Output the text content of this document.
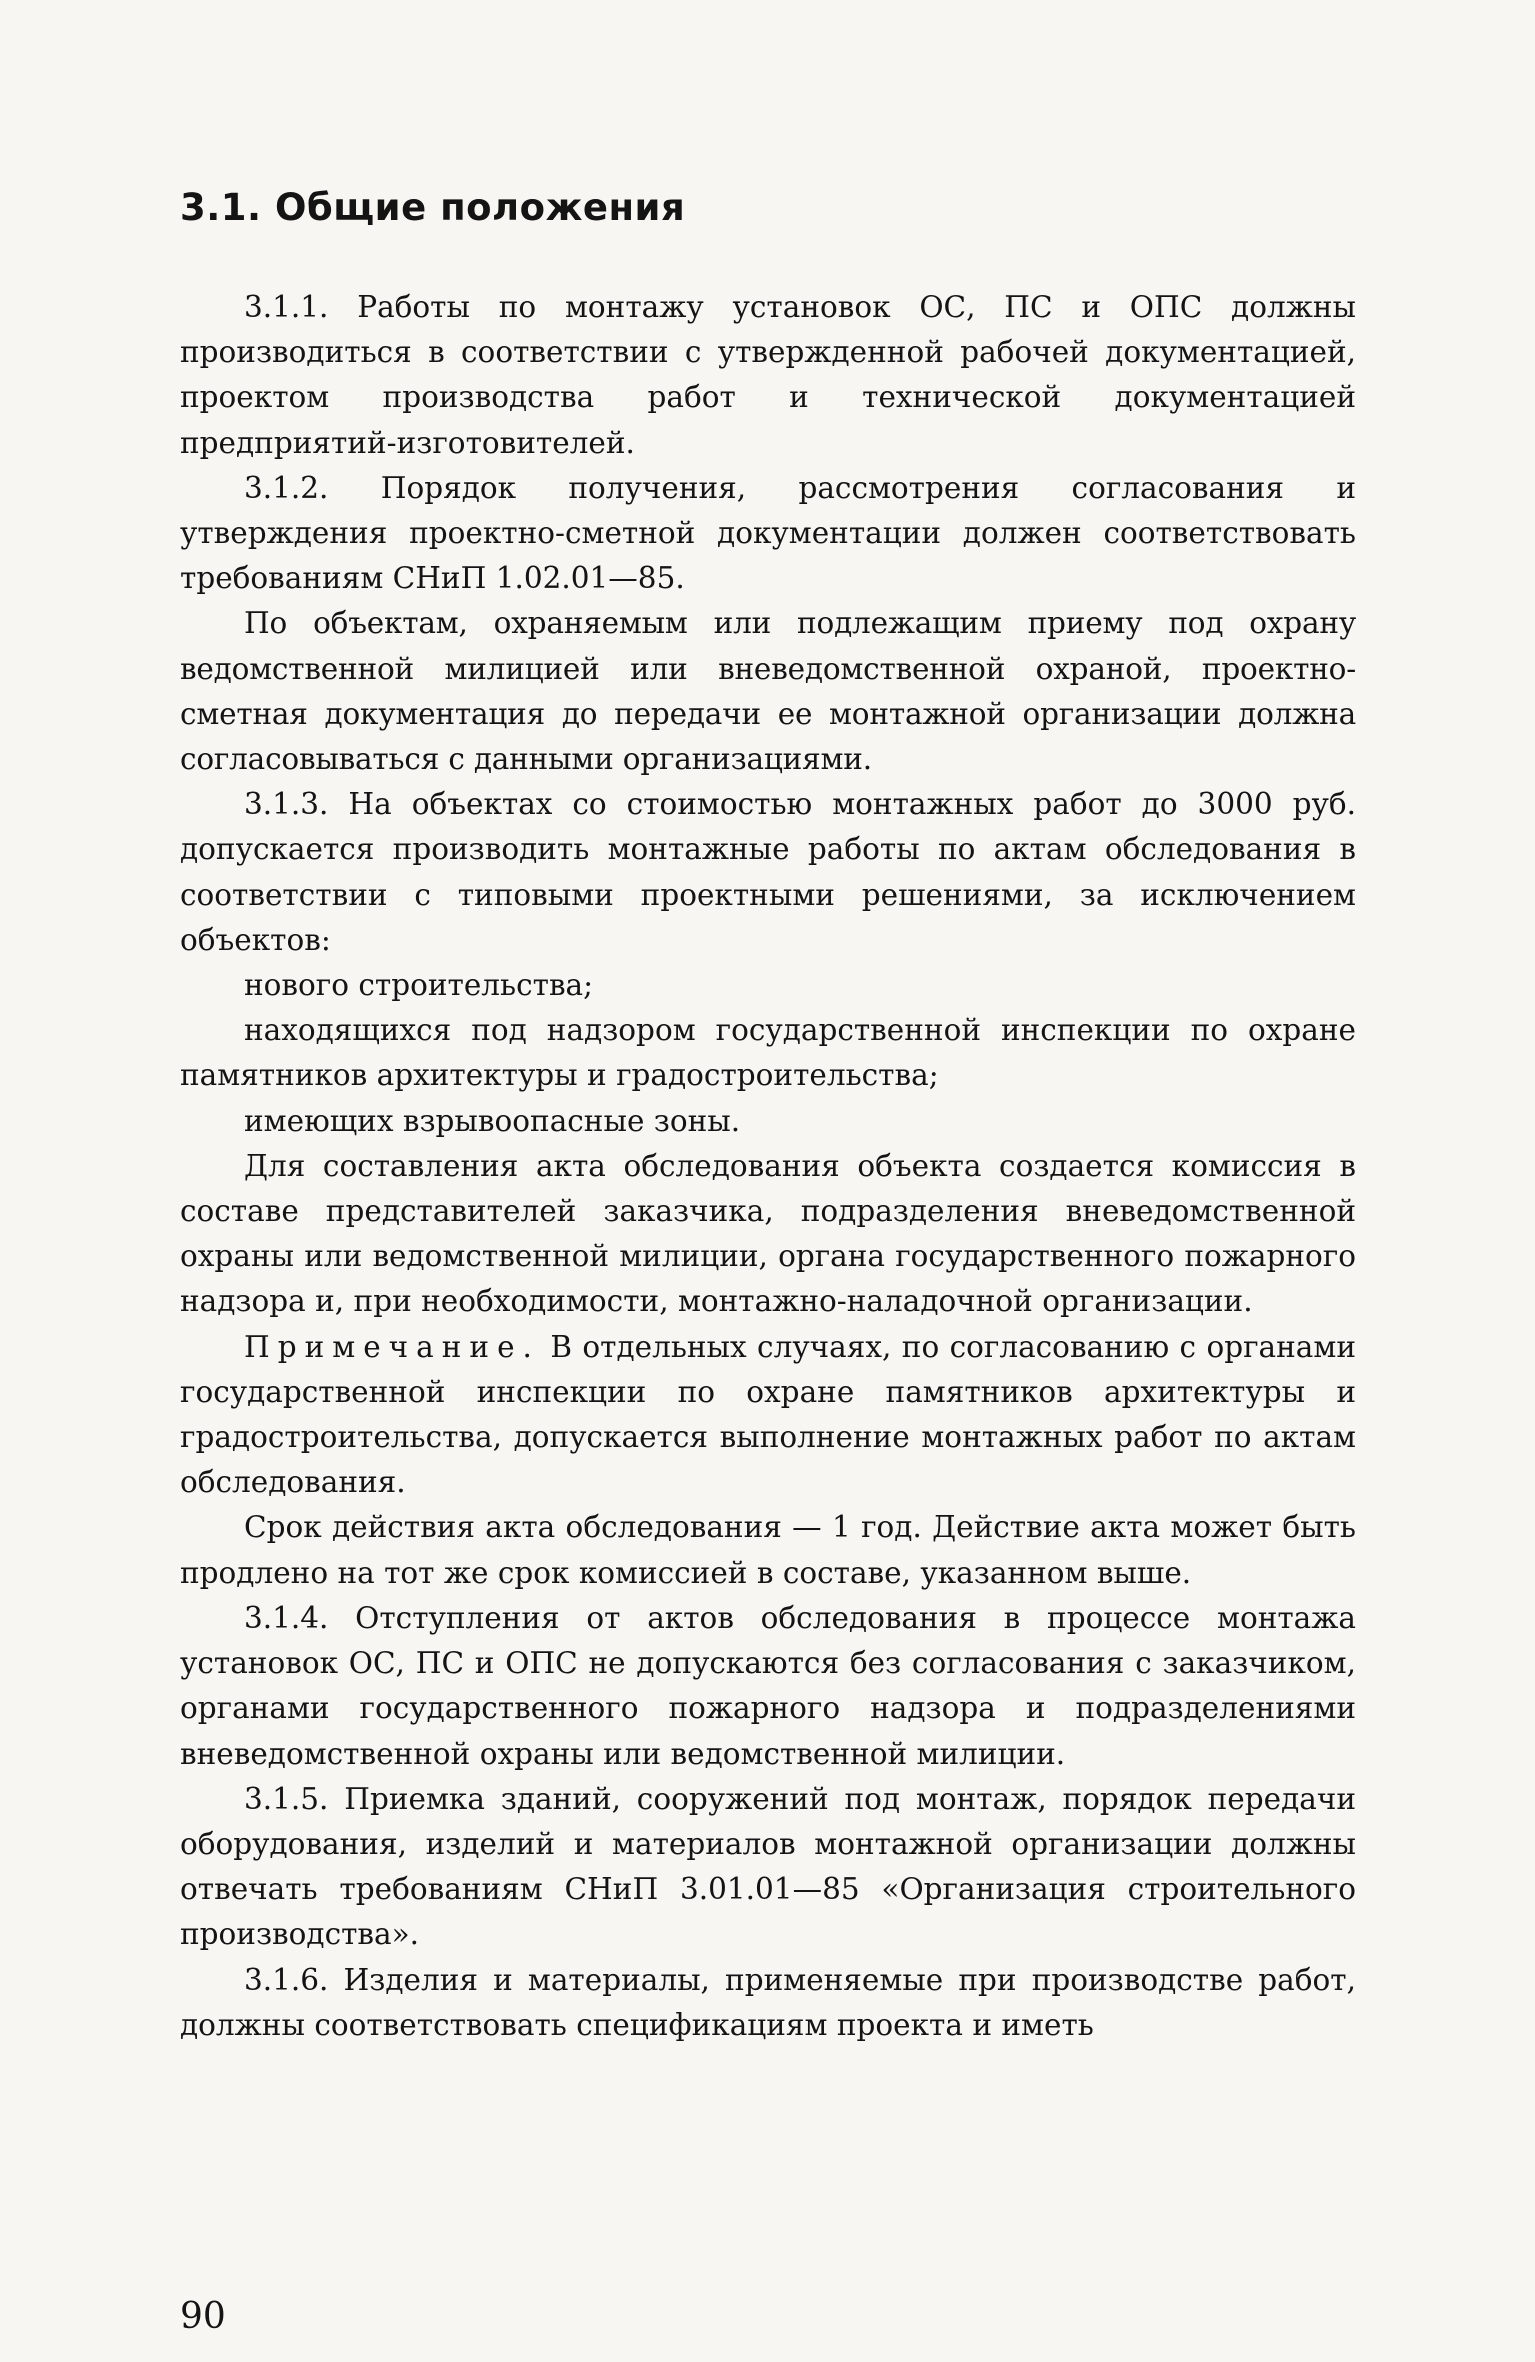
3.1. Общие положения

3.1.1. Работы по монтажу установок ОС, ПС и ОПС должны производиться в соответствии с утвержденной рабочей документацией, проектом производства работ и технической документацией предприятий-изготовителей.

3.1.2. Порядок получения, рассмотрения согласования и утверждения проектно-сметной документации должен соответствовать требованиям СНиП 1.02.01—85.

По объектам, охраняемым или подлежащим приему под охрану ведомственной милицией или вневедомственной охраной, проектно-сметная документация до передачи ее монтажной организации должна согласовываться с данными организациями.

3.1.3. На объектах со стоимостью монтажных работ до 3000 руб. допускается производить монтажные работы по актам обследования в соответствии с типовыми проектными решениями, за исключением объектов:

нового строительства;

находящихся под надзором государственной инспекции по охране памятников архитектуры и градостроительства;

имеющих взрывоопасные зоны.

Для составления акта обследования объекта создается комиссия в составе представителей заказчика, подразделения вневедомственной охраны или ведомственной милиции, органа государственного пожарного надзора и, при необходимости, монтажно-наладочной организации.

Примечание. В отдельных случаях, по согласованию с органами государственной инспекции по охране памятников архитектуры и градостроительства, допускается выполнение монтажных работ по актам обследования.

Срок действия акта обследования — 1 год. Действие акта может быть продлено на тот же срок комиссией в составе, указанном выше.

3.1.4. Отступления от актов обследования в процессе монтажа установок ОС, ПС и ОПС не допускаются без согласования с заказчиком, органами государственного пожарного надзора и подразделениями вневедомственной охраны или ведомственной милиции.

3.1.5. Приемка зданий, сооружений под монтаж, порядок передачи оборудования, изделий и материалов монтажной организации должны отвечать требованиям СНиП 3.01.01—85 «Организация строительного производства».

3.1.6. Изделия и материалы, применяемые при производстве работ, должны соответствовать спецификациям проекта и иметь

90
